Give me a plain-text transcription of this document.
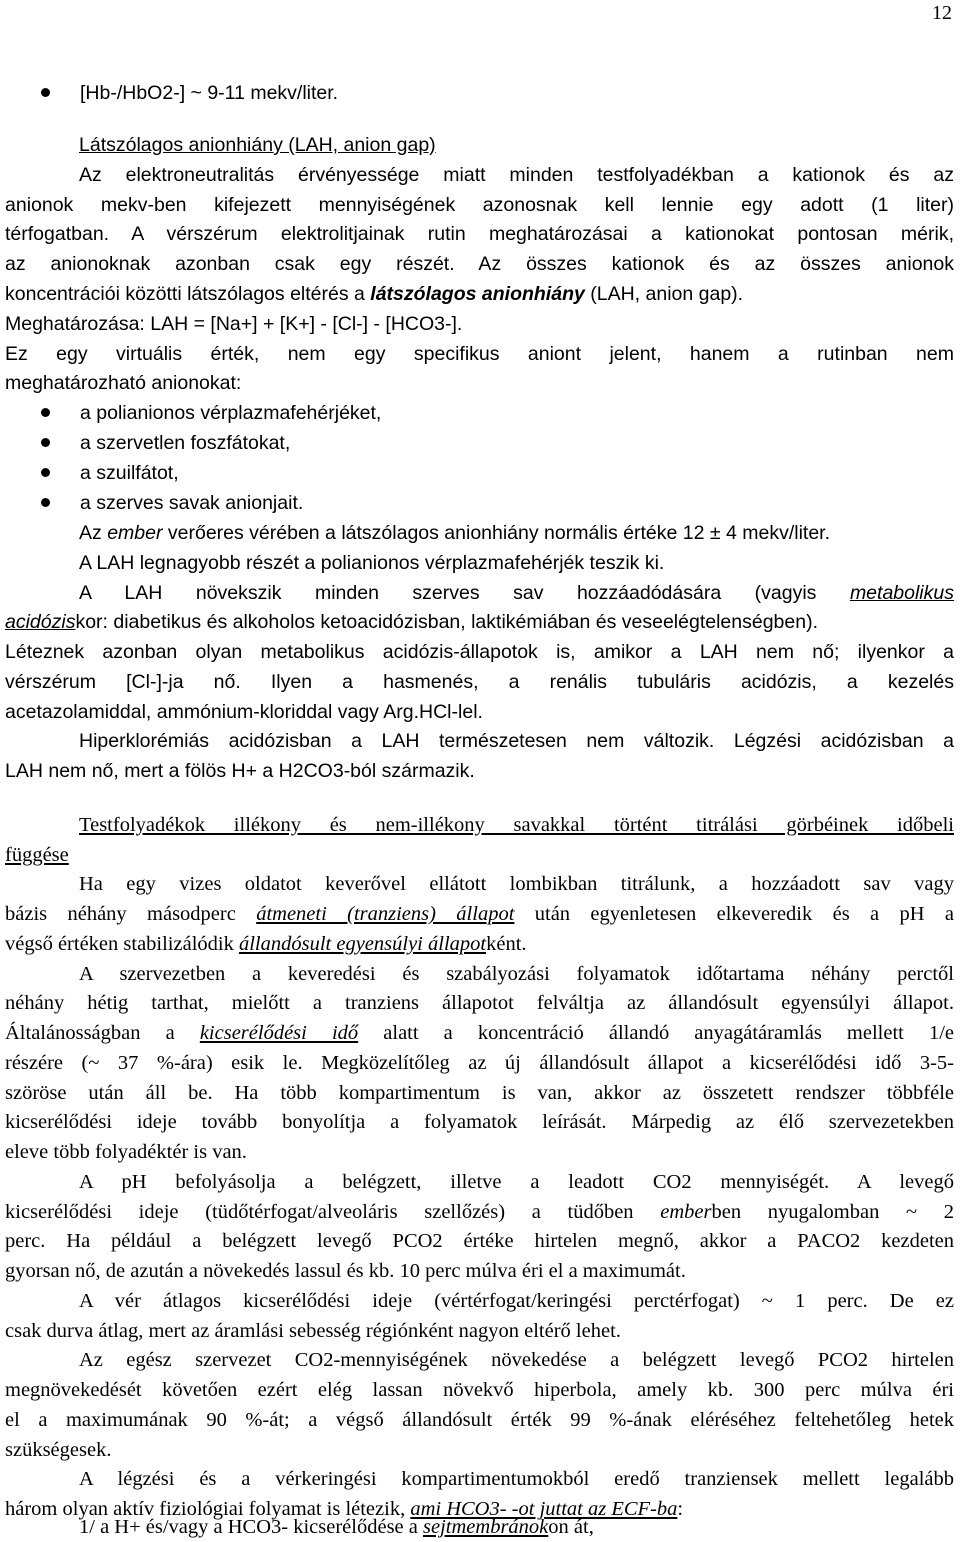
12
[Hb-/HbO2-] ~ 9-11 mekv/liter.
Látszólagos anionhiány (LAH, anion gap)
Az elektroneutralitás érvényessége miatt minden testfolyadékban a kationok és az
anionok mekv-ben kifejezett mennyiségének azonosnak kell lennie egy adott (1 liter)
térfogatban. A vérszérum elektrolitjainak rutin meghatározásai a kationokat pontosan mérik,
az anionoknak azonban csak egy részét. Az összes kationok és az összes anionok
koncentrációi közötti látszólagos eltérés a látszólagos anionhiány (LAH, anion gap).
Meghatározása: LAH = [Na+] + [K+] - [Cl-] - [HCO3-].
Ez egy virtuális érték, nem egy specifikus aniont jelent, hanem a rutinban nem
meghatározható anionokat:
a polianionos vérplazmafehérjéket,
a szervetlen foszfátokat,
a szuilfátot,
a szerves savak anionjait.
Az ember verőeres vérében a látszólagos anionhiány normális értéke 12 ± 4 mekv/liter.
A LAH legnagyobb részét a polianionos vérplazmafehérjék teszik ki.
A LAH növekszik minden szerves sav hozzáadódására (vagyis metabolikus
acidóziskor: diabetikus és alkoholos ketoacidózisban, laktikémiában és veseelégtelenségben).
Léteznek azonban olyan metabolikus acidózis-állapotok is, amikor a LAH nem nő; ilyenkor a
vérszérum [Cl-]-ja nő. Ilyen a hasmenés, a renális tubuláris acidózis, a kezelés
acetazolamiddal, ammónium-kloriddal vagy Arg.HCl-lel.
Hiperklorémiás acidózisban a LAH természetesen nem változik. Légzési acidózisban a
LAH nem nő, mert a fölös H+ a H2CO3-ból származik.
Testfolyadékok illékony és nem-illékony savakkal történt titrálási görbéinek időbeli
függése
Ha egy vizes oldatot keverővel ellátott lombikban titrálunk, a hozzáadott sav vagy
bázis néhány másodperc átmeneti (tranziens) állapot után egyenletesen elkeveredik és a pH a
végső értéken stabilizálódik állandósult egyensúlyi állapotként.
A szervezetben a keveredési és szabályozási folyamatok időtartama néhány perctől
néhány hétig tarthat, mielőtt a tranziens állapotot felváltja az állandósult egyensúlyi állapot.
Általánosságban a kicserélődési idő alatt a koncentráció állandó anyagátáramlás mellett 1/e
részére (~ 37 %-ára) esik le. Megközelítőleg az új állandósult állapot a kicserélődési idő 3-5-
szöröse után áll be. Ha több kompartimentum is van, akkor az összetett rendszer többféle
kicserélődési ideje tovább bonyolítja a folyamatok leírását. Márpedig az élő szervezetekben
eleve több folyadéktér is van.
A pH befolyásolja a belégzett, illetve a leadott CO2 mennyiségét. A levegő
kicserélődési ideje (tüdőtérfogat/alveoláris szellőzés) a tüdőben emberben nyugalomban ~ 2
perc. Ha például a belégzett levegő PCO2 értéke hirtelen megnő, akkor a PACO2 kezdeten
gyorsan nő, de azután a növekedés lassul és kb. 10 perc múlva éri el a maximumát.
A vér átlagos kicserélődési ideje (vértérfogat/keringési perctérfogat) ~ 1 perc. De ez
csak durva átlag, mert az áramlási sebesség régiónként nagyon eltérő lehet.
Az egész szervezet CO2-mennyiségének növekedése a belégzett levegő PCO2 hirtelen
megnövekedését követően ezért elég lassan növekvő hiperbola, amely kb. 300 perc múlva éri
el a maximumának 90 %-át; a végső állandósult érték 99 %-ának eléréséhez feltehetőleg hetek
szükségesek.
A légzési és a vérkeringési kompartimentumokból eredő tranziensek mellett legalább
három olyan aktív fiziológiai folyamat is létezik, ami HCO3- -ot juttat az ECF-ba:
1/ a H+ és/vagy a HCO3- kicserélődése a sejtmembránokon át,
